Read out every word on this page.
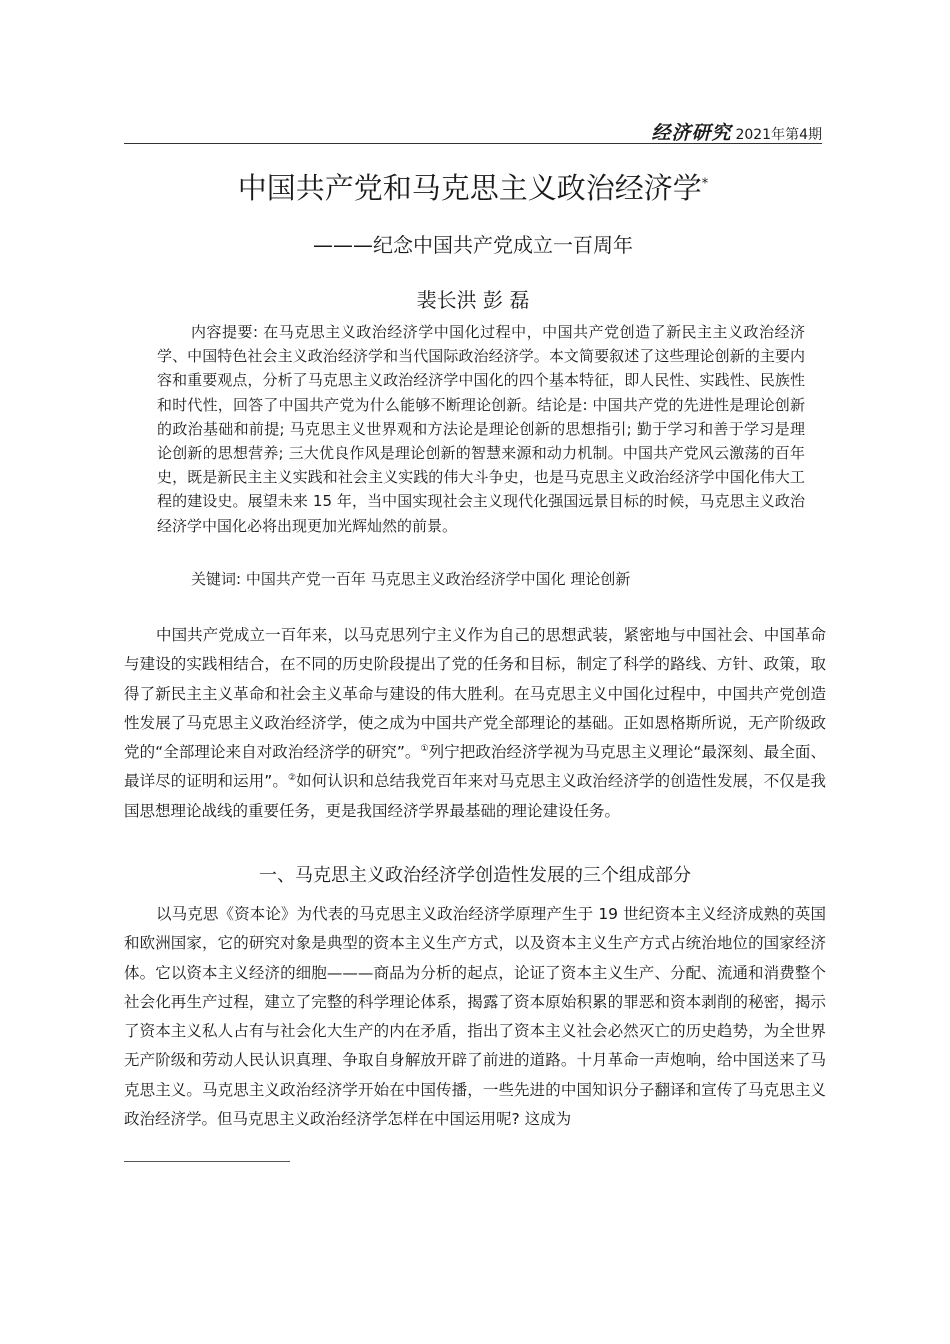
经济研究 2021年第4期
中国共产党和马克思主义政治经济学*
———纪念中国共产党成立一百周年
裴长洪 彭 磊

内容提要: 在马克思主义政治经济学中国化过程中，中国共产党创造了新民主主义政治经济学、中国特色社会主义政治经济学和当代国际政治经济学。本文简要叙述了这些理论创新的主要内容和重要观点，分析了马克思主义政治经济学中国化的四个基本特征，即人民性、实践性、民族性和时代性，回答了中国共产党为什么能够不断理论创新。结论是: 中国共产党的先进性是理论创新的政治基础和前提; 马克思主义世界观和方法论是理论创新的思想指引; 勤于学习和善于学习是理论创新的思想营养; 三大优良作风是理论创新的智慧来源和动力机制。中国共产党风云激荡的百年史，既是新民主主义实践和社会主义实践的伟大斗争史，也是马克思主义政治经济学中国化伟大工程的建设史。展望未来 15 年，当中国实现社会主义现代化强国远景目标的时候，马克思主义政治经济学中国化必将出现更加光辉灿然的前景。

关键词: 中国共产党一百年 马克思主义政治经济学中国化 理论创新

中国共产党成立一百年来，以马克思列宁主义作为自己的思想武装，紧密地与中国社会、中国革命与建设的实践相结合，在不同的历史阶段提出了党的任务和目标，制定了科学的路线、方针、政策，取得了新民主主义革命和社会主义革命与建设的伟大胜利。在马克思主义中国化过程中，中国共产党创造性发展了马克思主义政治经济学，使之成为中国共产党全部理论的基础。正如恩格斯所说，无产阶级政党的“全部理论来自对政治经济学的研究”。①列宁把政治经济学视为马克思主义理论“最深刻、最全面、最详尽的证明和运用”。②如何认识和总结我党百年来对马克思主义政治经济学的创造性发展，不仅是我国思想理论战线的重要任务，更是我国经济学界最基础的理论建设任务。

一、马克思主义政治经济学创造性发展的三个组成部分

以马克思《资本论》为代表的马克思主义政治经济学原理产生于 19 世纪资本主义经济成熟的英国和欧洲国家，它的研究对象是典型的资本主义生产方式，以及资本主义生产方式占统治地位的国家经济体。它以资本主义经济的细胞———商品为分析的起点，论证了资本主义生产、分配、流通和消费整个社会化再生产过程，建立了完整的科学理论体系，揭露了资本原始积累的罪恶和资本剥削的秘密，揭示了资本主义私人占有与社会化大生产的内在矛盾，指出了资本主义社会必然灭亡的历史趋势，为全世界无产阶级和劳动人民认识真理、争取自身解放开辟了前进的道路。十月革命一声炮响，给中国送来了马克思主义。马克思主义政治经济学开始在中国传播，一些先进的中国知识分子翻译和宣传了马克思主义政治经济学。但马克思主义政治经济学怎样在中国运用呢? 这成为
